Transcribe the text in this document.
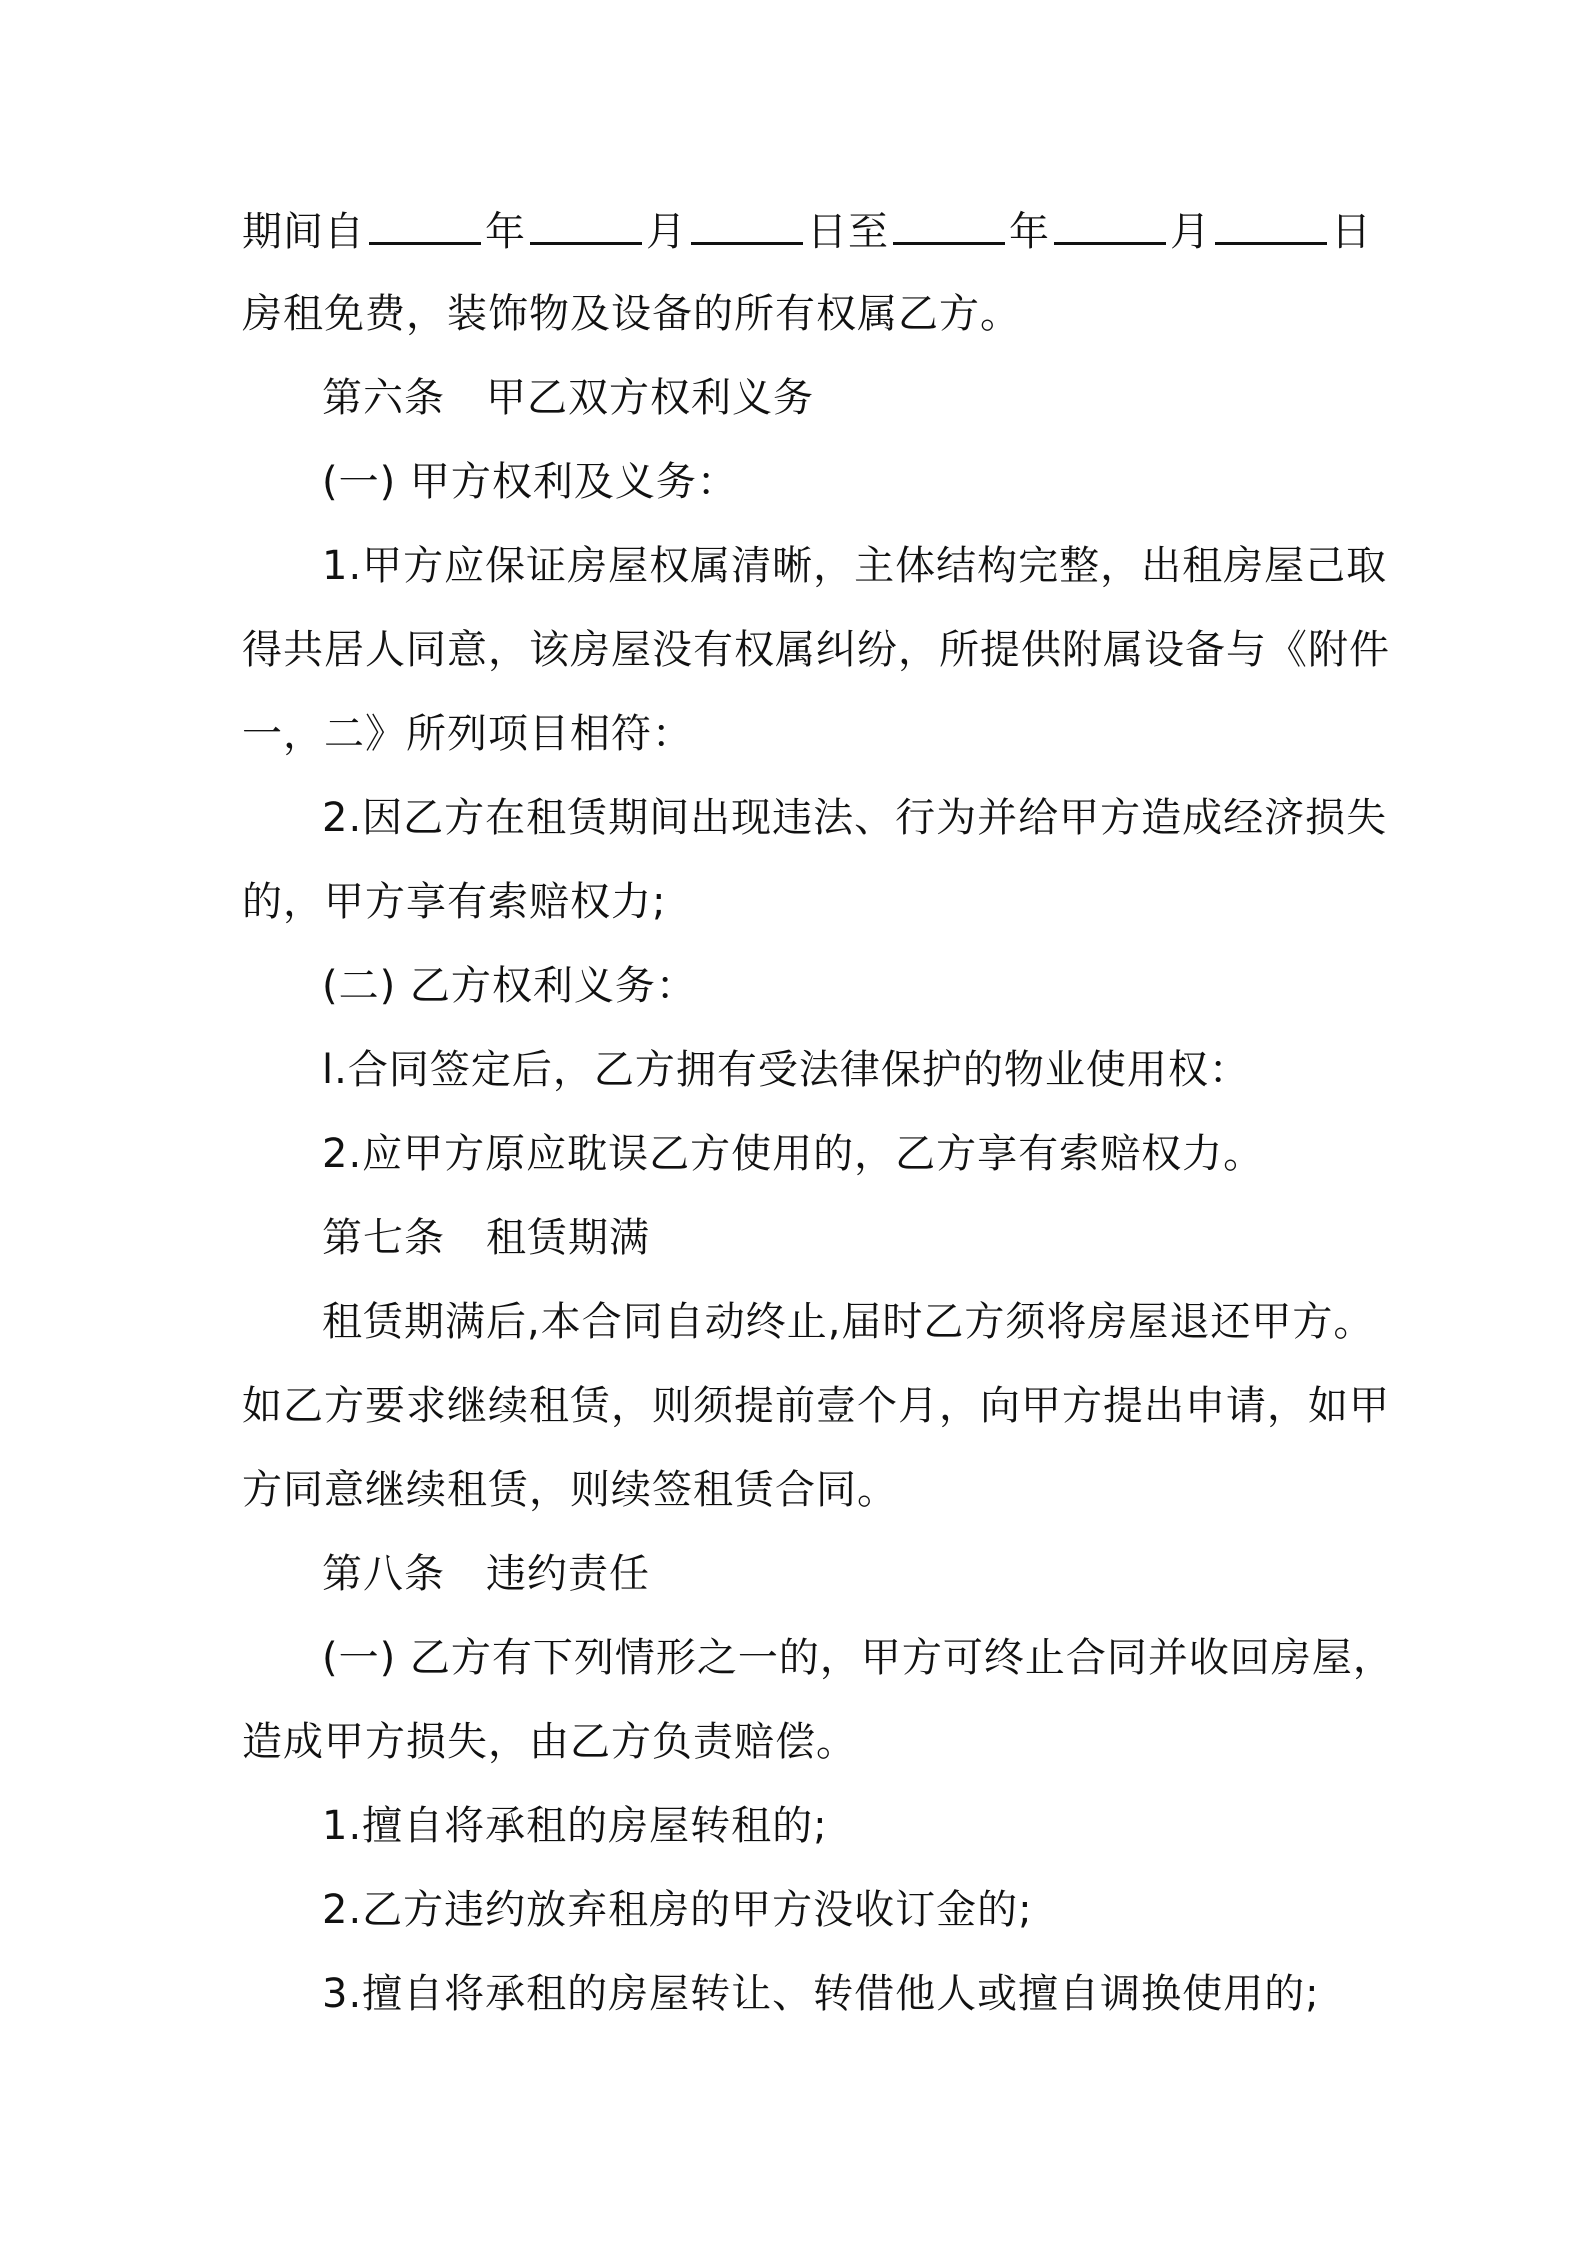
期间自	年	月	日至	年	月	日
房租免费，装饰物及设备的所有权属乙方。
第六条　甲乙双方权利义务
(一) 甲方权利及义务：
1.甲方应保证房屋权属清晰，主体结构完整，出租房屋己取
得共居人同意，该房屋没有权属纠纷，所提供附属设备与《附件
一，二》所列项目相符：
2.因乙方在租赁期间出现违法、行为并给甲方造成经济损失
的，甲方享有索赔权力;
(二) 乙方权利义务：
l.合同签定后，乙方拥有受法律保护的物业使用权：
2.应甲方原应耽误乙方使用的，乙方享有索赔权力。
第七条　租赁期满
租赁期满后,本合同自动终止,届时乙方须将房屋退还甲方。
如乙方要求继续租赁，则须提前壹个月，向甲方提出申请，如甲
方同意继续租赁，则续签租赁合同。
第八条　违约责任
(一) 乙方有下列情形之一的，甲方可终止合同并收回房屋，
造成甲方损失，由乙方负责赔偿。
1.擅自将承租的房屋转租的;
2.乙方违约放弃租房的甲方没收订金的;
3.擅自将承租的房屋转让、转借他人或擅自调换使用的;
